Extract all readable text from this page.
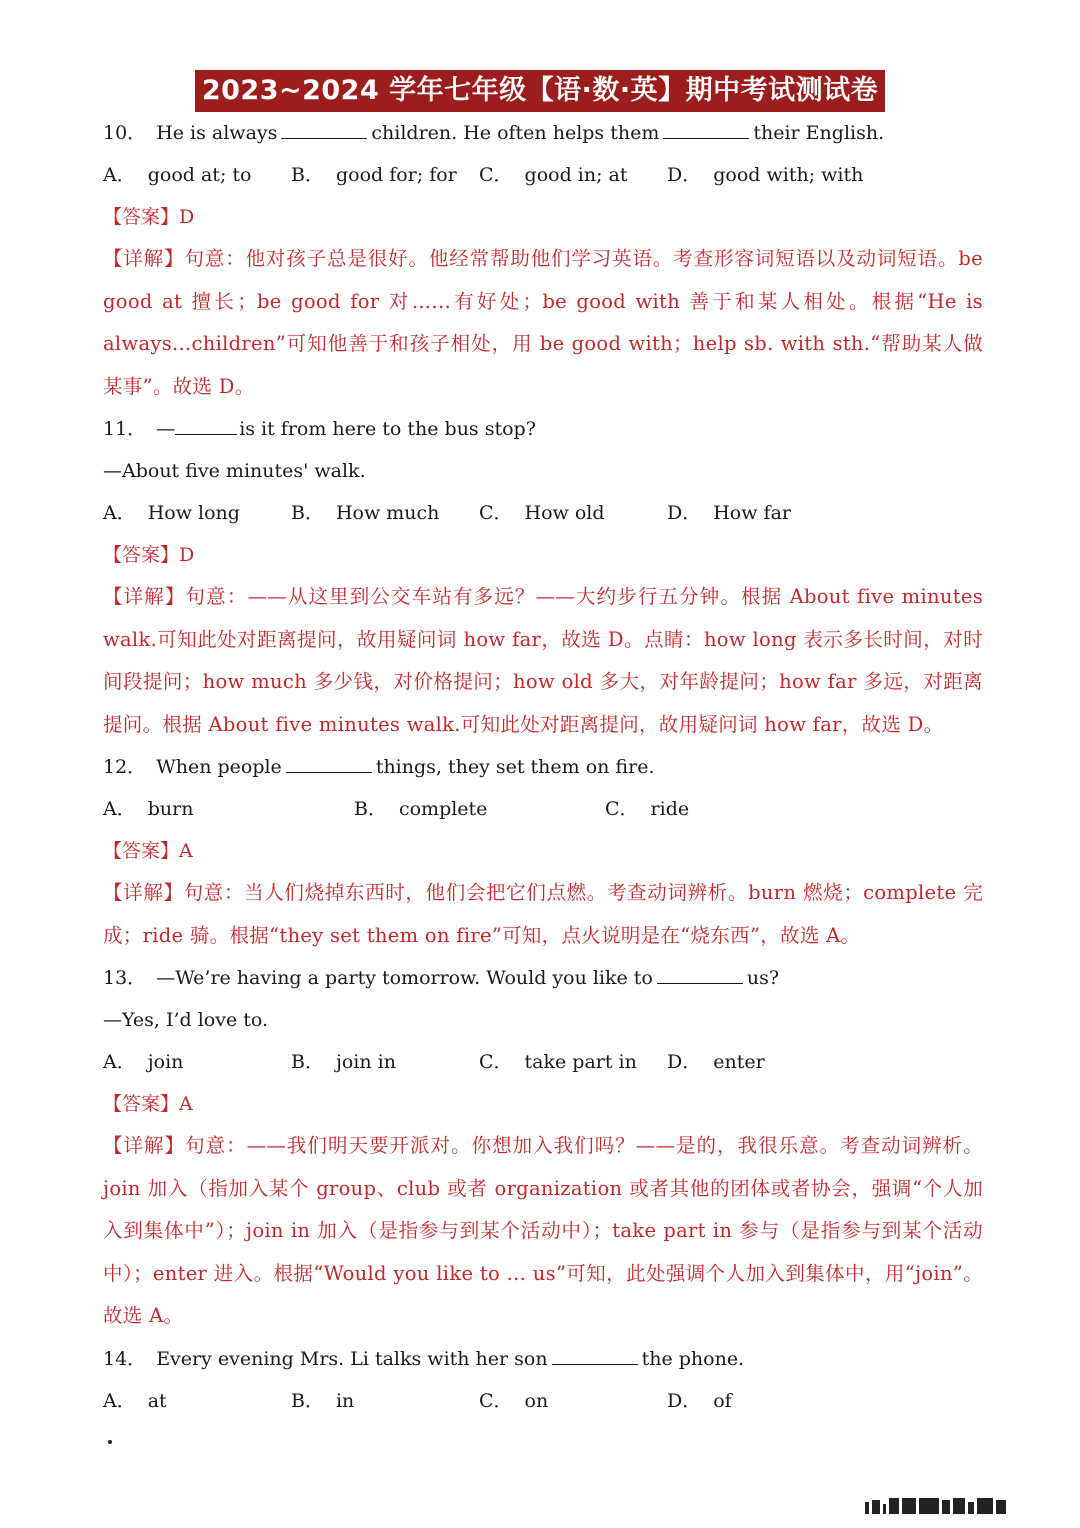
2023~2024 学年七年级【语·数·英】期中考试测试卷
10． He is always	children. He often helps them	their English.
A． good at; to	B． good for; for	C． good in; at	D． good with; with
【答案】D
【详解】句意：他对孩子总是很好。他经常帮助他们学习英语。考查形容词短语以及动词短语。be good at 擅长；be good for 对……有好处；be good with 善于和某人相处。根据“He is always...children”可知他善于和孩子相处，用 be good with；help sb. with sth.“帮助某人做某事”。故选 D。
11． —	is it from here to the bus stop?
—About five minutes' walk.
A． How long	B． How much	C． How old	D． How far
【答案】D
【详解】句意：——从这里到公交车站有多远？——大约步行五分钟。根据 About five minutes walk.可知此处对距离提问，故用疑问词 how far，故选 D。点睛：how long 表示多长时间，对时间段提问；how much 多少钱，对价格提问；how old 多大，对年龄提问；how far 多远，对距离提问。根据 About five minutes walk.可知此处对距离提问，故用疑问词 how far，故选 D。
12． When people	things, they set them on fire.
A． burn	B． complete	C． ride
【答案】A
【详解】句意：当人们烧掉东西时，他们会把它们点燃。考查动词辨析。burn 燃烧；complete 完成；ride 骑。根据“they set them on fire”可知，点火说明是在“烧东西”，故选 A。
13． —We’re having a party tomorrow. Would you like to	us?
—Yes, I’d love to.
A． join	B． join in	C． take part in	D． enter
【答案】A
【详解】句意：——我们明天要开派对。你想加入我们吗？——是的，我很乐意。考查动词辨析。join 加入（指加入某个 group、club 或者 organization 或者其他的团体或者协会，强调“个人加入到集体中”）；join in 加入（是指参与到某个活动中）；take part in 参与（是指参与到某个活动中）；enter 进入。根据“Would you like to ... us”可知，此处强调个人加入到集体中，用“join”。故选 A。
14． Every evening Mrs. Li talks with her son	the phone.
A． at	B． in	C． on	D． of
